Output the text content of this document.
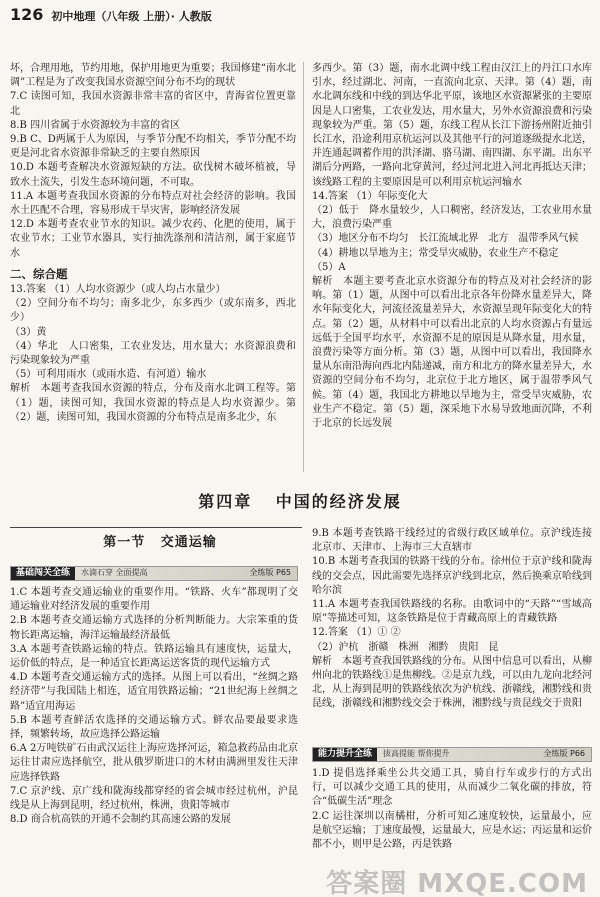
126 初中地理（八年级 上册）· 人教版

坏，合理用地，节约用地，保护用地更为重要；我国修建“南水北调”工程是为了改变我国水资源空间分布不均的现状

7.C 读图可知，我国水资源非常丰富的省区中，青海省位置更靠北

8.B 四川省属于水资源较为丰富的省区

9.B C、D两属于人为原因，与季节分配不均相关，季节分配不均更是河北省水资源非常缺乏的主要自然原因

10.D 本题考查解决水资源短缺的方法。砍伐树木破坏植被，导致水土流失，引发生态环境问题，不可取。

11.A 本题考查我国水资源的分布特点对社会经济的影响。我国水土匹配不合理，容易形成干旱灾害，影响经济发展

12.D 本题考查农业节水的知识。减少农药、化肥的使用，属于农业节水；工业节水器具，实行抽洗涤剂和清洁剂，属于家庭节水

二、综合题

13.答案 （1）人均水资源少（或人均占水量少）

（2）空间分布不均匀；南多北少，东多西少（或东南多，西北少）

（3）黄

（4）华北　人口密集，工农业发达，用水量大；水资源浪费和污染现象较为严重

（5）可利用雨水（或雨水造、有河道）输水

解析　本题考查我国水资源的特点，分布及南水北调工程等。第（1）题，读图可知，我国水资源的特点是人均水资源少。第（2）题，读图可知，我国水资源的分布特点是南多北少，东

多西少。第（3）题，南水北调中线工程由汉江上的丹江口水库引水，经过湖北、河南，一直流向北京、天津。第（4）题，南水北调东线和中线的到达华北平原，该地区水资源紧张的主要原因是人口密集，工农业发达，用水量大，另外水资源浪费和污染现象较为严重。第（5）题，东线工程从长江下游扬州附近抽引长江水，沿途利用京杭运河以及其他平行的河道逐级提水北送，并连通起调蓄作用的洪泽湖、骆马湖、南四湖、东平湖。出东平湖后分两路，一路向北穿黄河，经过河北进入河北再抵达天津；该线路工程的主要原因是可以利用京杭运河输水

14.答案 （1）年际变化大

（2）低于　降水量较少，人口稠密，经济发达，工农业用水量大，浪费污染严重

（3）地区分布不均匀　长江流域北界　北方　温带季风气候

（4）耕地以旱地为主；常受旱灾威胁，农业生产不稳定

（5）A

解析　本题主要考查北京水资源分布的特点及对社会经济的影响。第（1）题，从图中可以看出北京各年份降水量差异大，降水年际变化大，河流径流量差异大，水资源呈现年际变化大的特点。第（2）题，从材料中可以看出北京的人均水资源占有量远远低于全国平均水平，水资源不足的原因是从降水量，用水量，浪费污染等方面分析。第（3）题，从图中可以看出，我国降水量从东南沿海向西北内陆递减，南方和北方的降水量差异大，水资源的空间分布不均匀，北京位于北方地区，属于温带季风气候。第（4）题，我国北方耕地以旱地为主，常受旱灾威胁，农业生产不稳定。第（5）题，深采地下水易导致地面沉降，不利于北京的长远发展

第四章 中国的经济发展
第一节 交通运输
基础闯关全练	水滴石穿 全面提高	全练版 P65

1.C 本题考查交通运输业的重要作用。“铁路、火车”都现明了交通运输业对经济发展的重要作用

2.B 本题考查交通运输方式选择的分析判断能力。大宗笨重的货物长距离运输，海洋运输最经济最低

3.A 本题考查铁路运输的特点。铁路运输具有速度快，运量大，运价低的特点，是一种适宜长距离运送客货的现代运输方式

4.D 本题考查交通运输方式的选择。从图上可以看出，“丝绸之路经济带”与我国陆上相连，适宜用铁路运输；“21世纪海上丝绸之路”适宜用海运

5.B 本题考查鲜活农选择的交通运输方式。鲜农品要最要求选择，频繁转场，故应选择公路运输

6.A 2万吨铁矿石由武汉运往上海应选择河运，箱急救药品由北京运往甘肃应选择航空，批从俄罗斯进口的木材由满洲里发往天津应选择铁路

7.C 京沪线、京广线和陇海线都穿经的省会城市经过杭州，沪昆线是从上海到昆明，经过杭州，株洲，贵阳等城市

8.D 商合杭高铁的开通不会制约其高速公路的发展

9.B 本题考查铁路干线经过的省级行政区域单位。京沪线连接北京市、天津市、上海市三大直辖市

10.B 本题考查我国的铁路干线的分布。徐州位于京沪线和陇海线的交会点，因此需要先选择京沪线到北京，然后换乘京哈线到哈尔滨

11.A 本题考查我国铁路线的名称。由歌词中的“天路”“雪域高原”等描述可知，这条铁路是位于青藏高原上的青藏铁路

12.答案 （1）① ②

（2）沪杭　浙赣　株洲　湘黔　贵阳　昆

解析　本题考查我国铁路线的分布。从图中信息可以看出，从柳州向北的铁路线①是焦柳线。②是京九线，可以由九龙向北经河北，从上海到昆明的铁路线依次为沪杭线、浙赣线，湘黔线和贵昆线，浙赣线和湘黔线交会于株洲，湘黔线与贵昆线交于贵阳

能力提升全练	拔高提能 帮你提升	全练版 P66

1.D 提倡选择乘坐公共交通工具，骑自行车或步行的方式出行，可以减少交通工具的使用，从而减少二氧化碳的排放，符合“低碳生活”理念

2.C 运往深圳以南橘柑，分析可知乙速度较快，运量最小，应是航空运输；丁速度最慢，运量最大，应是水运；丙运量和运价都不小，则甲是公路，丙是铁路

答案圈 MXQE.COM
